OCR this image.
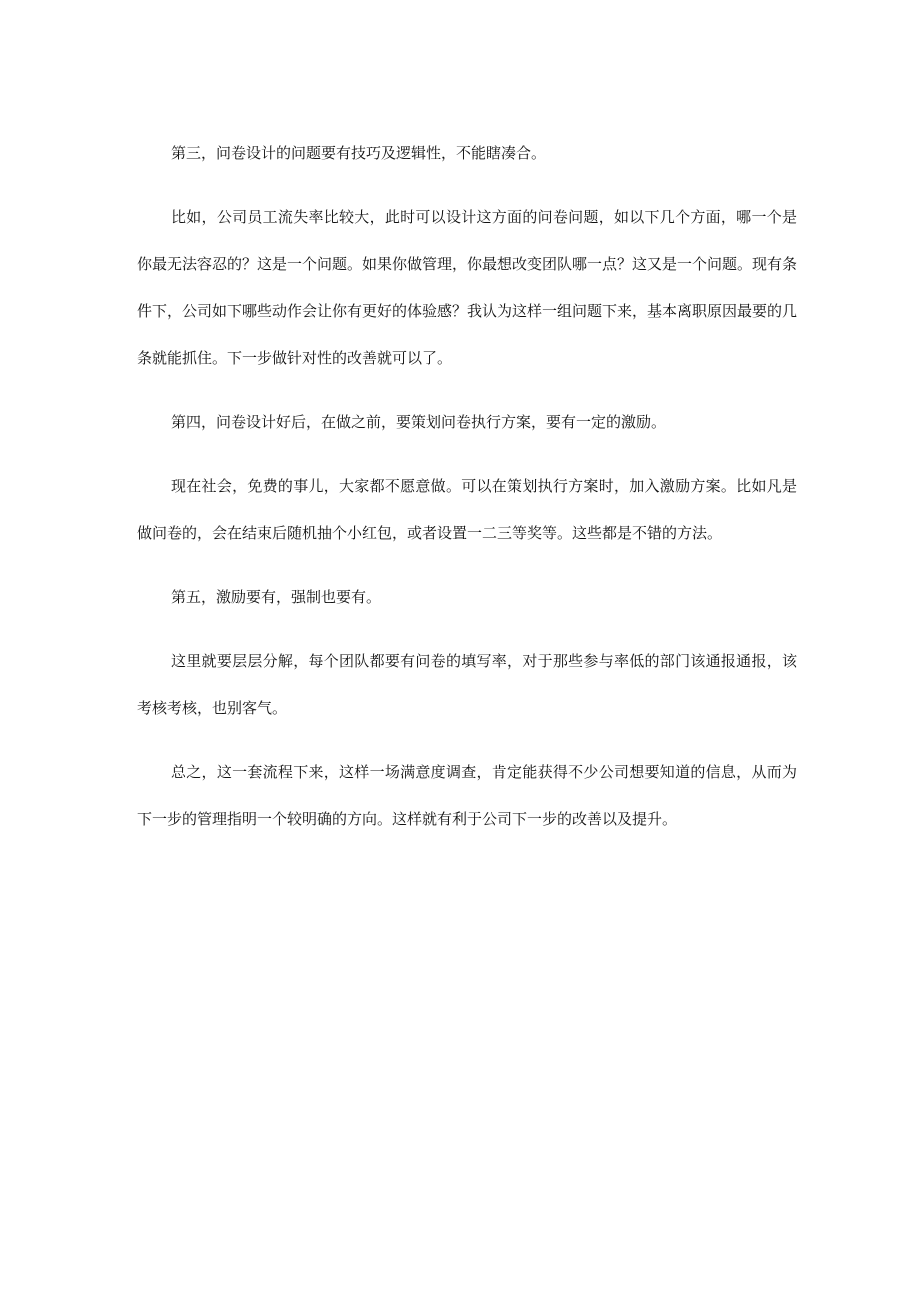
第三，问卷设计的问题要有技巧及逻辑性，不能瞎凑合。

比如，公司员工流失率比较大，此时可以设计这方面的问卷问题，如以下几个方面，哪一个是你最无法容忍的？这是一个问题。如果你做管理，你最想改变团队哪一点？这又是一个问题。现有条件下，公司如下哪些动作会让你有更好的体验感？我认为这样一组问题下来，基本离职原因最要的几条就能抓住。下一步做针对性的改善就可以了。

第四，问卷设计好后，在做之前，要策划问卷执行方案，要有一定的激励。

现在社会，免费的事儿，大家都不愿意做。可以在策划执行方案时，加入激励方案。比如凡是做问卷的，会在结束后随机抽个小红包，或者设置一二三等奖等。这些都是不错的方法。

第五，激励要有，强制也要有。

这里就要层层分解，每个团队都要有问卷的填写率，对于那些参与率低的部门该通报通报，该考核考核，也别客气。

总之，这一套流程下来，这样一场满意度调查，肯定能获得不少公司想要知道的信息，从而为下一步的管理指明一个较明确的方向。这样就有利于公司下一步的改善以及提升。
